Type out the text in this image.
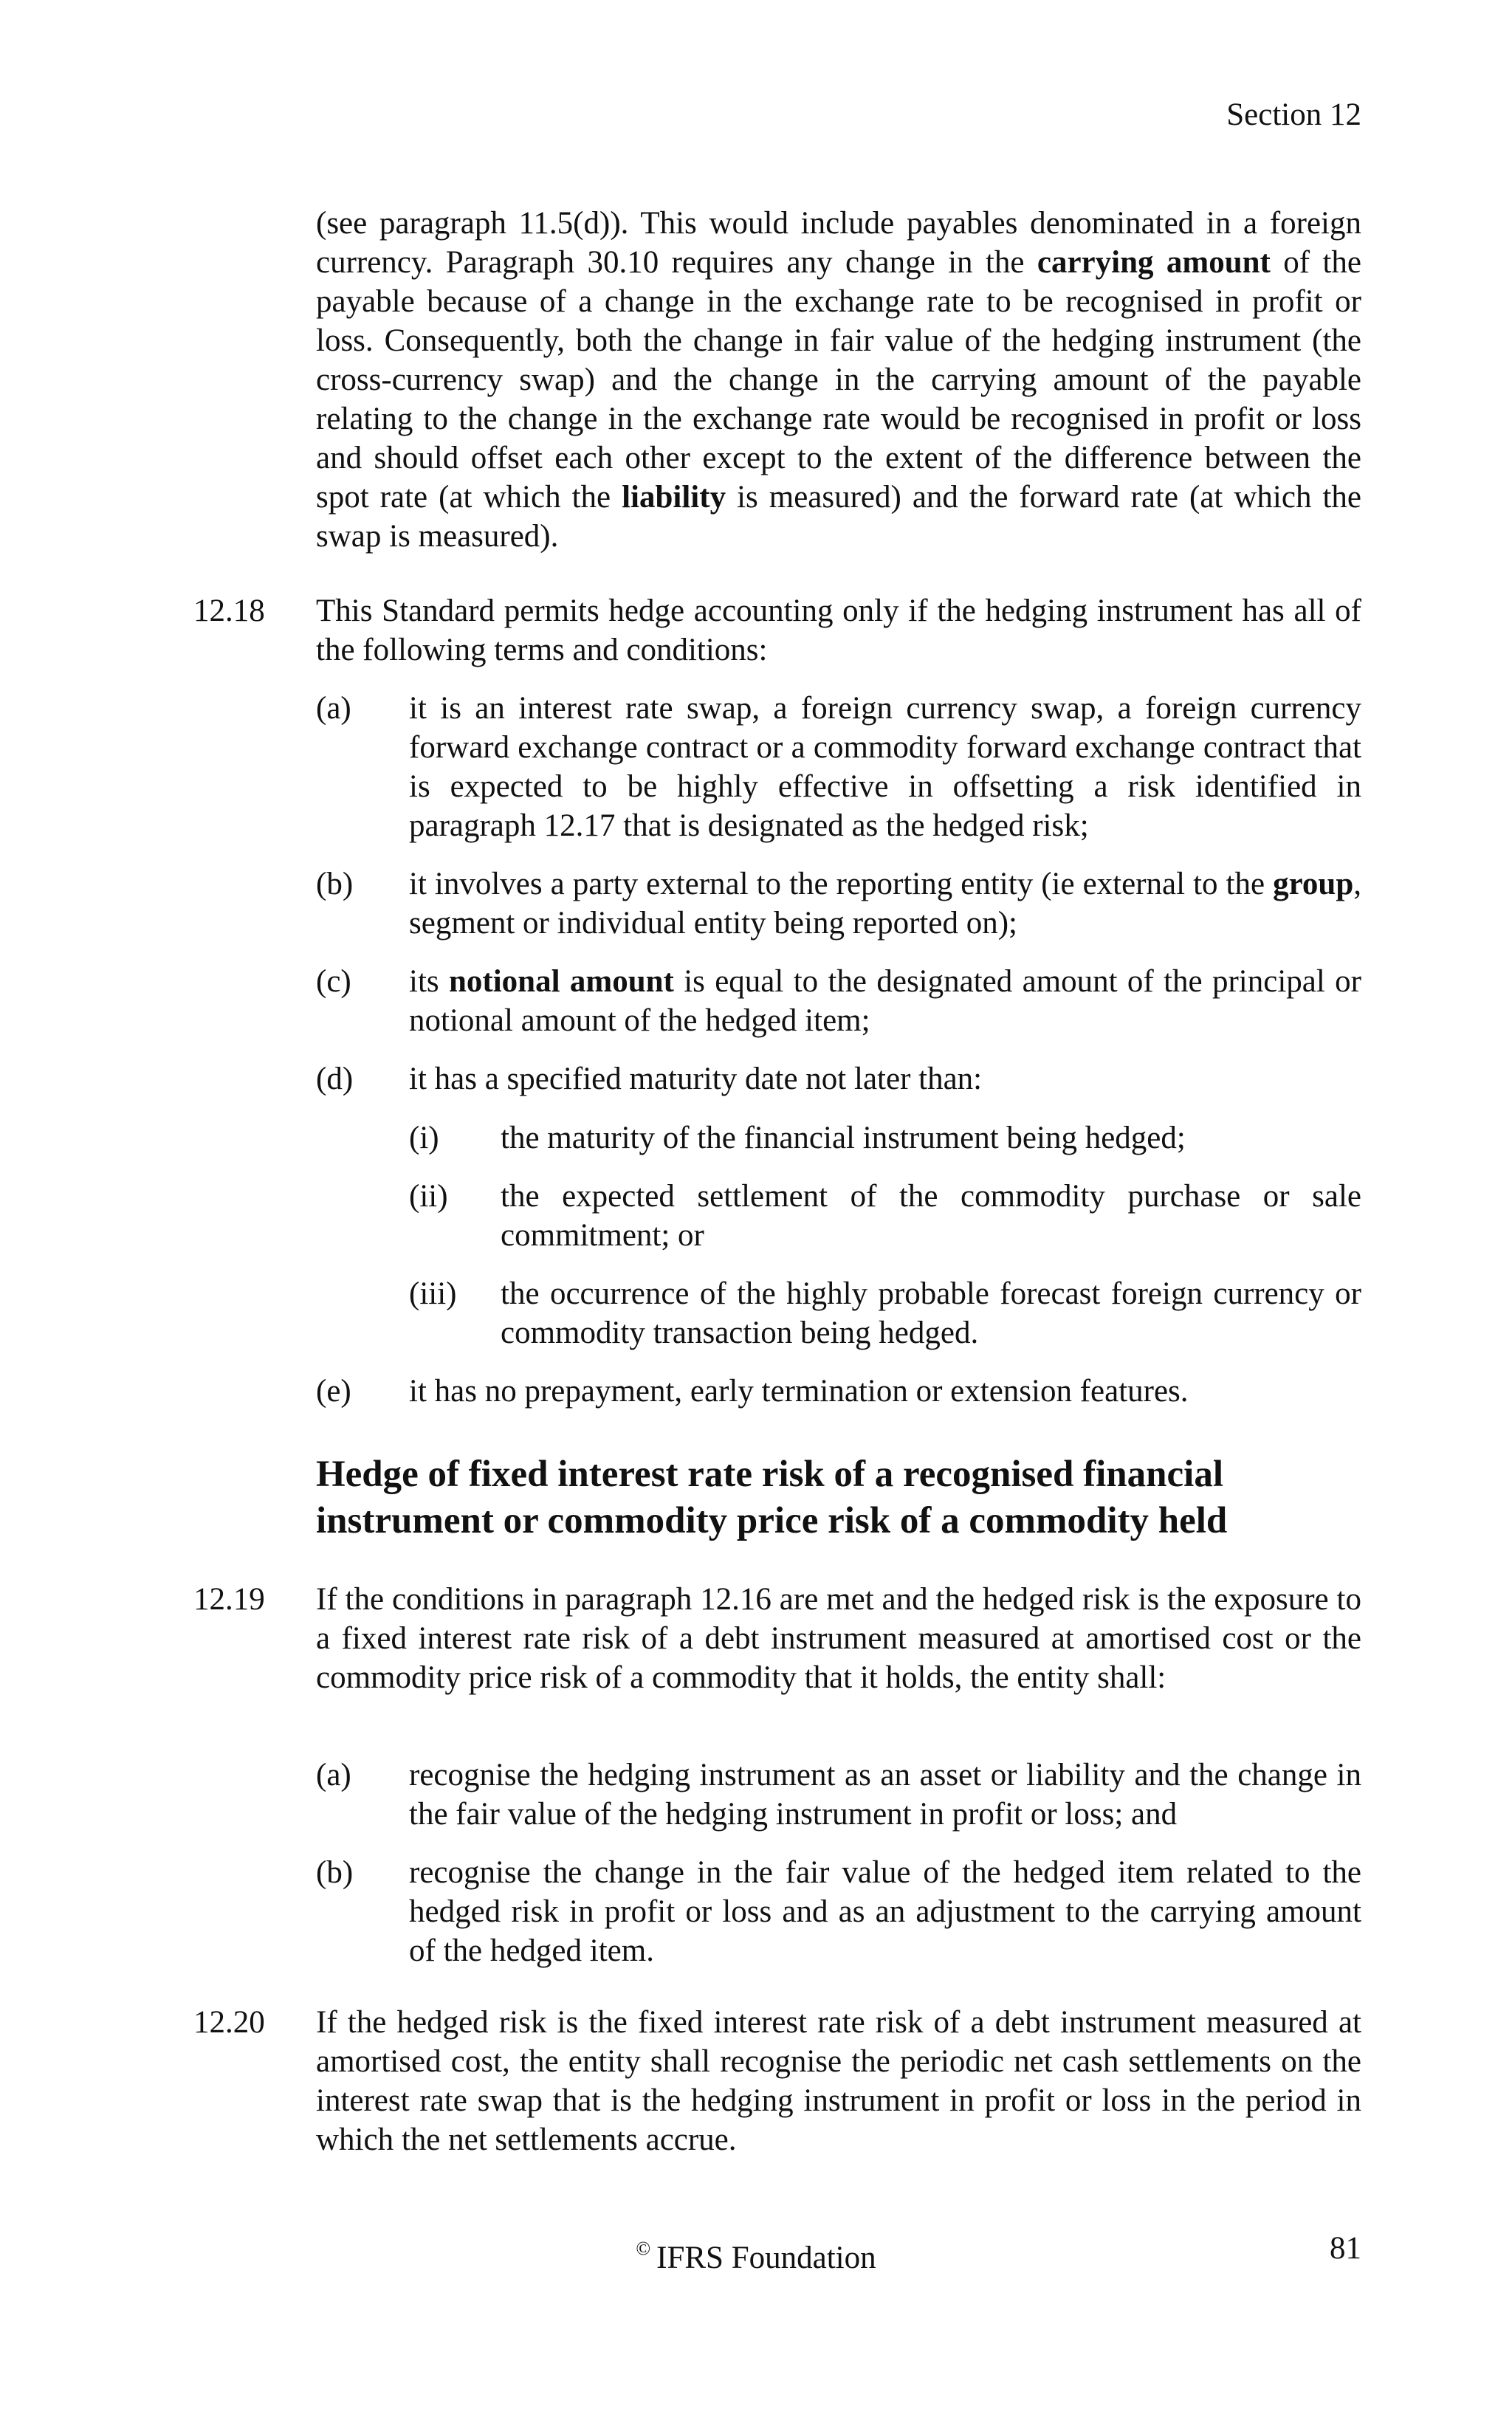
Section 12

(see paragraph 11.5(d)). This would include payables denominated in a foreign currency. Paragraph 30.10 requires any change in the carrying amount of the payable because of a change in the exchange rate to be recognised in profit or loss. Consequently, both the change in fair value of the hedging instrument (the cross-currency swap) and the change in the carrying amount of the payable relating to the change in the exchange rate would be recognised in profit or loss and should offset each other except to the extent of the difference between the spot rate (at which the liability is measured) and the forward rate (at which the swap is measured).

12.18 This Standard permits hedge accounting only if the hedging instrument has all of the following terms and conditions:

(a) it is an interest rate swap, a foreign currency swap, a foreign currency forward exchange contract or a commodity forward exchange contract that is expected to be highly effective in offsetting a risk identified in paragraph 12.17 that is designated as the hedged risk;

(b) it involves a party external to the reporting entity (ie external to the group, segment or individual entity being reported on);

(c) its notional amount is equal to the designated amount of the principal or notional amount of the hedged item;

(d) it has a specified maturity date not later than:

(i) the maturity of the financial instrument being hedged;

(ii) the expected settlement of the commodity purchase or sale commitment; or

(iii) the occurrence of the highly probable forecast foreign currency or commodity transaction being hedged.

(e) it has no prepayment, early termination or extension features.

Hedge of fixed interest rate risk of a recognised financial
instrument or commodity price risk of a commodity held
12.19 If the conditions in paragraph 12.16 are met and the hedged risk is the exposure to a fixed interest rate risk of a debt instrument measured at amortised cost or the commodity price risk of a commodity that it holds, the entity shall:

(a) recognise the hedging instrument as an asset or liability and the change in the fair value of the hedging instrument in profit or loss; and

(b) recognise the change in the fair value of the hedged item related to the hedged risk in profit or loss and as an adjustment to the carrying amount of the hedged item.

12.20 If the hedged risk is the fixed interest rate risk of a debt instrument measured at amortised cost, the entity shall recognise the periodic net cash settlements on the interest rate swap that is the hedging instrument in profit or loss in the period in which the net settlements accrue.

© IFRS Foundation	81
